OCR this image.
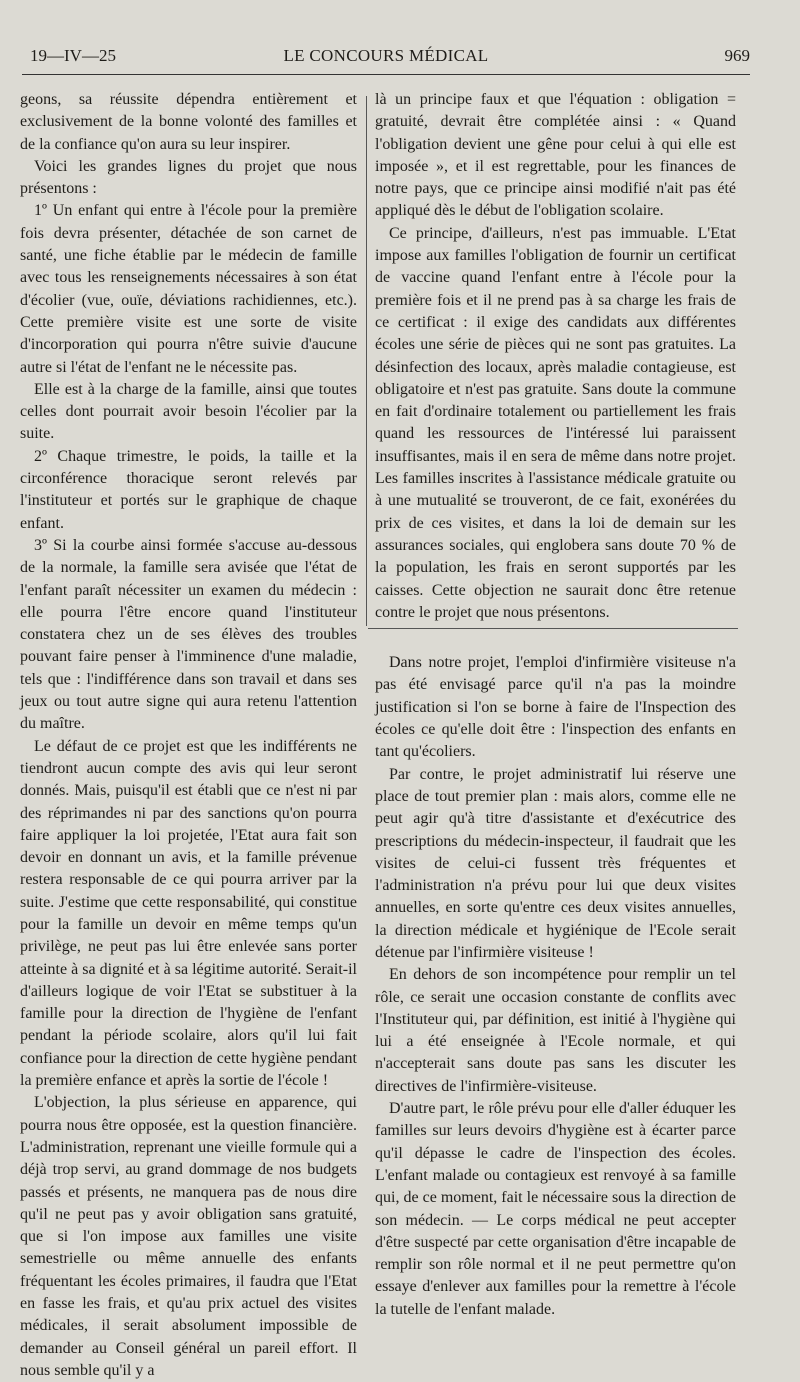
19—IV—25	LE CONCOURS MÉDICAL	969

geons, sa réussite dépendra entièrement et exclusivement de la bonne volonté des familles et de la confiance qu'on aura su leur inspirer.

Voici les grandes lignes du projet que nous présentons :

1º Un enfant qui entre à l'école pour la première fois devra présenter, détachée de son carnet de santé, une fiche établie par le médecin de famille avec tous les renseignements nécessaires à son état d'écolier (vue, ouïe, déviations rachidiennes, etc.). Cette première visite est une sorte de visite d'incorporation qui pourra n'être suivie d'aucune autre si l'état de l'enfant ne le nécessite pas.

Elle est à la charge de la famille, ainsi que toutes celles dont pourrait avoir besoin l'écolier par la suite.

2º Chaque trimestre, le poids, la taille et la circonférence thoracique seront relevés par l'instituteur et portés sur le graphique de chaque enfant.

3º Si la courbe ainsi formée s'accuse au-dessous de la normale, la famille sera avisée que l'état de l'enfant paraît nécessiter un examen du médecin : elle pourra l'être encore quand l'instituteur constatera chez un de ses élèves des troubles pouvant faire penser à l'imminence d'une maladie, tels que : l'indifférence dans son travail et dans ses jeux ou tout autre signe qui aura retenu l'attention du maître.

Le défaut de ce projet est que les indifférents ne tiendront aucun compte des avis qui leur seront donnés. Mais, puisqu'il est établi que ce n'est ni par des réprimandes ni par des sanctions qu'on pourra faire appliquer la loi projetée, l'Etat aura fait son devoir en donnant un avis, et la famille prévenue restera responsable de ce qui pourra arriver par la suite. J'estime que cette responsabilité, qui constitue pour la famille un devoir en même temps qu'un privilège, ne peut pas lui être enlevée sans porter atteinte à sa dignité et à sa légitime autorité. Serait-il d'ailleurs logique de voir l'Etat se substituer à la famille pour la direction de l'hygiène de l'enfant pendant la période scolaire, alors qu'il lui fait confiance pour la direction de cette hygiène pendant la première enfance et après la sortie de l'école !

L'objection, la plus sérieuse en apparence, qui pourra nous être opposée, est la question financière. L'administration, reprenant une vieille formule qui a déjà trop servi, au grand dommage de nos budgets passés et présents, ne manquera pas de nous dire qu'il ne peut pas y avoir obligation sans gratuité, que si l'on impose aux familles une visite semestrielle ou même annuelle des enfants fréquentant les écoles primaires, il faudra que l'Etat en fasse les frais, et qu'au prix actuel des visites médicales, il serait absolument impossible de demander au Conseil général un pareil effort. Il nous semble qu'il y a

là un principe faux et que l'équation : obligation = gratuité, devrait être complétée ainsi : « Quand l'obligation devient une gêne pour celui à qui elle est imposée », et il est regrettable, pour les finances de notre pays, que ce principe ainsi modifié n'ait pas été appliqué dès le début de l'obligation scolaire.

Ce principe, d'ailleurs, n'est pas immuable. L'Etat impose aux familles l'obligation de fournir un certificat de vaccine quand l'enfant entre à l'école pour la première fois et il ne prend pas à sa charge les frais de ce certificat : il exige des candidats aux différentes écoles une série de pièces qui ne sont pas gratuites. La désinfection des locaux, après maladie contagieuse, est obligatoire et n'est pas gratuite. Sans doute la commune en fait d'ordinaire totalement ou partiellement les frais quand les ressources de l'intéressé lui paraissent insuffisantes, mais il en sera de même dans notre projet. Les familles inscrites à l'assistance médicale gratuite ou à une mutualité se trouveront, de ce fait, exonérées du prix de ces visites, et dans la loi de demain sur les assurances sociales, qui englobera sans doute 70 % de la population, les frais en seront supportés par les caisses. Cette objection ne saurait donc être retenue contre le projet que nous présentons.

Dans notre projet, l'emploi d'infirmière visiteuse n'a pas été envisagé parce qu'il n'a pas la moindre justification si l'on se borne à faire de l'Inspection des écoles ce qu'elle doit être : l'inspection des enfants en tant qu'écoliers.

Par contre, le projet administratif lui réserve une place de tout premier plan : mais alors, comme elle ne peut agir qu'à titre d'assistante et d'exécutrice des prescriptions du médecin-inspecteur, il faudrait que les visites de celui-ci fussent très fréquentes et l'administration n'a prévu pour lui que deux visites annuelles, en sorte qu'entre ces deux visites annuelles, la direction médicale et hygiénique de l'Ecole serait détenue par l'infirmière visiteuse !

En dehors de son incompétence pour remplir un tel rôle, ce serait une occasion constante de conflits avec l'Instituteur qui, par définition, est initié à l'hygiène qui lui a été enseignée à l'Ecole normale, et qui n'accepterait sans doute pas sans les discuter les directives de l'infirmière-visiteuse.

D'autre part, le rôle prévu pour elle d'aller éduquer les familles sur leurs devoirs d'hygiène est à écarter parce qu'il dépasse le cadre de l'inspection des écoles. L'enfant malade ou contagieux est renvoyé à sa famille qui, de ce moment, fait le nécessaire sous la direction de son médecin. — Le corps médical ne peut accepter d'être suspecté par cette organisation d'être incapable de remplir son rôle normal et il ne peut permettre qu'on essaye d'enlever aux familles pour la remettre à l'école la tutelle de l'enfant malade.
